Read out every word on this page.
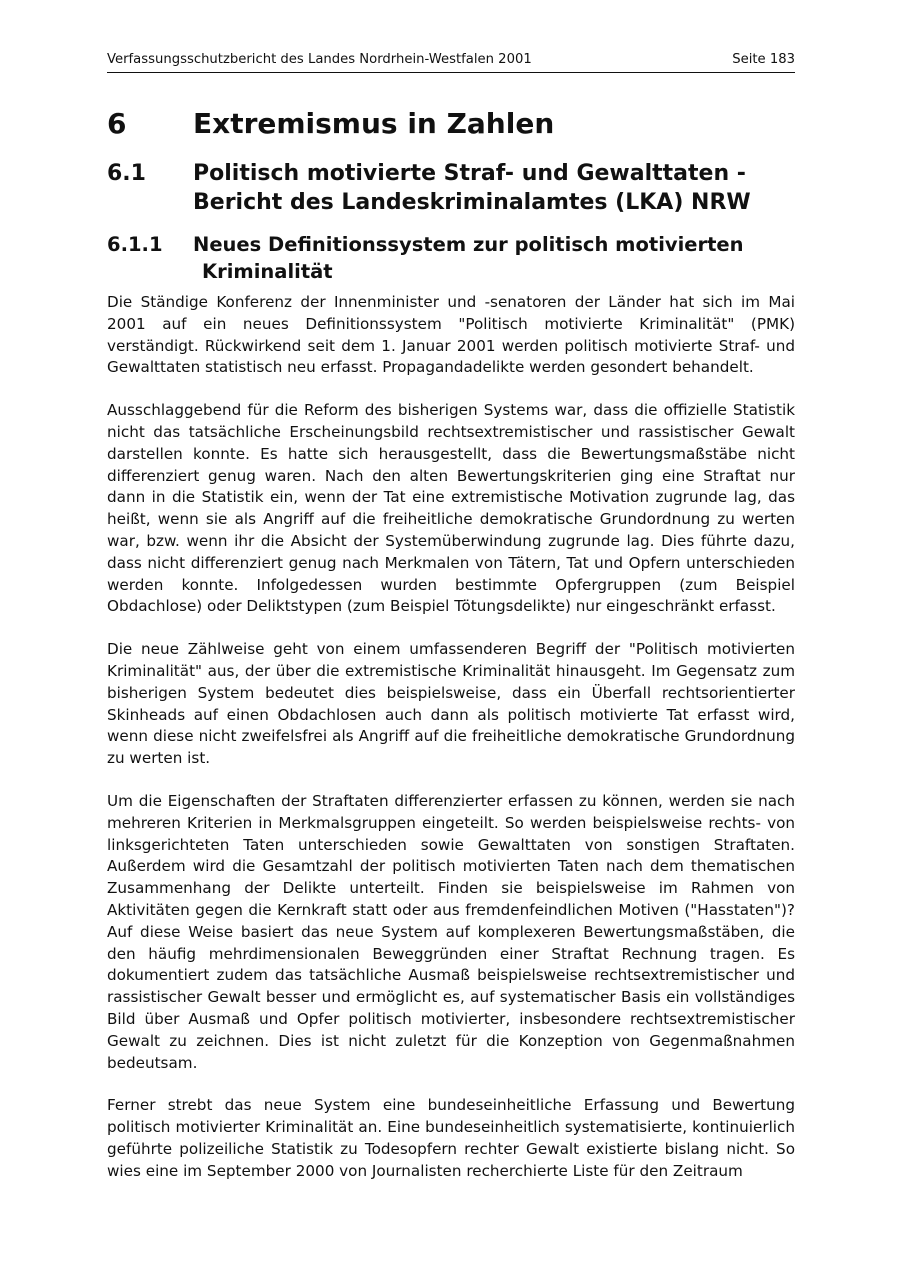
Verfassungsschutzbericht des Landes Nordrhein-Westfalen 2001	Seite 183
6	Extremismus in Zahlen
6.1	Politisch motivierte Straf- und Gewalttaten -
Bericht des Landeskriminalamtes (LKA) NRW
6.1.1	Neues Definitionssystem zur politisch motivierten
Kriminalität

Die Ständige Konferenz der Innenminister und -senatoren der Länder hat sich im Mai 2001 auf ein neues Definitionssystem "Politisch motivierte Kriminalität" (PMK) verständigt. Rückwirkend seit dem 1. Januar 2001 werden politisch motivierte Straf- und Gewalttaten statistisch neu erfasst. Propagandadelikte werden gesondert behandelt.

Ausschlaggebend für die Reform des bisherigen Systems war, dass die offizielle Statistik nicht das tatsächliche Erscheinungsbild rechtsextremistischer und rassistischer Gewalt darstellen konnte. Es hatte sich herausgestellt, dass die Bewertungsmaßstäbe nicht differenziert genug waren. Nach den alten Bewertungskriterien ging eine Straftat nur dann in die Statistik ein, wenn der Tat eine extremistische Motivation zugrunde lag, das heißt, wenn sie als Angriff auf die freiheitliche demokratische Grundordnung zu werten war, bzw. wenn ihr die Absicht der Systemüberwindung zugrunde lag. Dies führte dazu, dass nicht differenziert genug nach Merkmalen von Tätern, Tat und Opfern unterschieden werden konnte. Infolgedessen wurden bestimmte Opfergruppen (zum Beispiel Obdachlose) oder Deliktstypen (zum Beispiel Tötungsdelikte) nur eingeschränkt erfasst.

Die neue Zählweise geht von einem umfassenderen Begriff der "Politisch motivierten Kriminalität" aus, der über die extremistische Kriminalität hinausgeht. Im Gegensatz zum bisherigen System bedeutet dies beispielsweise, dass ein Überfall rechtsorientierter Skinheads auf einen Obdachlosen auch dann als politisch motivierte Tat erfasst wird, wenn diese nicht zweifelsfrei als Angriff auf die freiheitliche demokratische Grundordnung zu werten ist.

Um die Eigenschaften der Straftaten differenzierter erfassen zu können, werden sie nach mehreren Kriterien in Merkmalsgruppen eingeteilt. So werden beispielsweise rechts- von linksgerichteten Taten unterschieden sowie Gewalttaten von sonstigen Straftaten. Außerdem wird die Gesamtzahl der politisch motivierten Taten nach dem thematischen Zusammenhang der Delikte unterteilt. Finden sie beispielsweise im Rahmen von Aktivitäten gegen die Kernkraft statt oder aus fremdenfeindlichen Motiven ("Hasstaten")? Auf diese Weise basiert das neue System auf komplexeren Bewertungsmaßstäben, die den häufig mehrdimensionalen Beweggründen einer Straftat Rechnung tragen. Es dokumentiert zudem das tatsächliche Ausmaß beispielsweise rechtsextremistischer und rassistischer Gewalt besser und ermöglicht es, auf systematischer Basis ein vollständiges Bild über Ausmaß und Opfer politisch motivierter, insbesondere rechtsextremistischer Gewalt zu zeichnen. Dies ist nicht zuletzt für die Konzeption von Gegenmaßnahmen bedeutsam.

Ferner strebt das neue System eine bundeseinheitliche Erfassung und Bewertung politisch motivierter Kriminalität an. Eine bundeseinheitlich systematisierte, kontinuierlich geführte polizeiliche Statistik zu Todesopfern rechter Gewalt existierte bislang nicht. So wies eine im September 2000 von Journalisten recherchierte Liste für den Zeitraum
